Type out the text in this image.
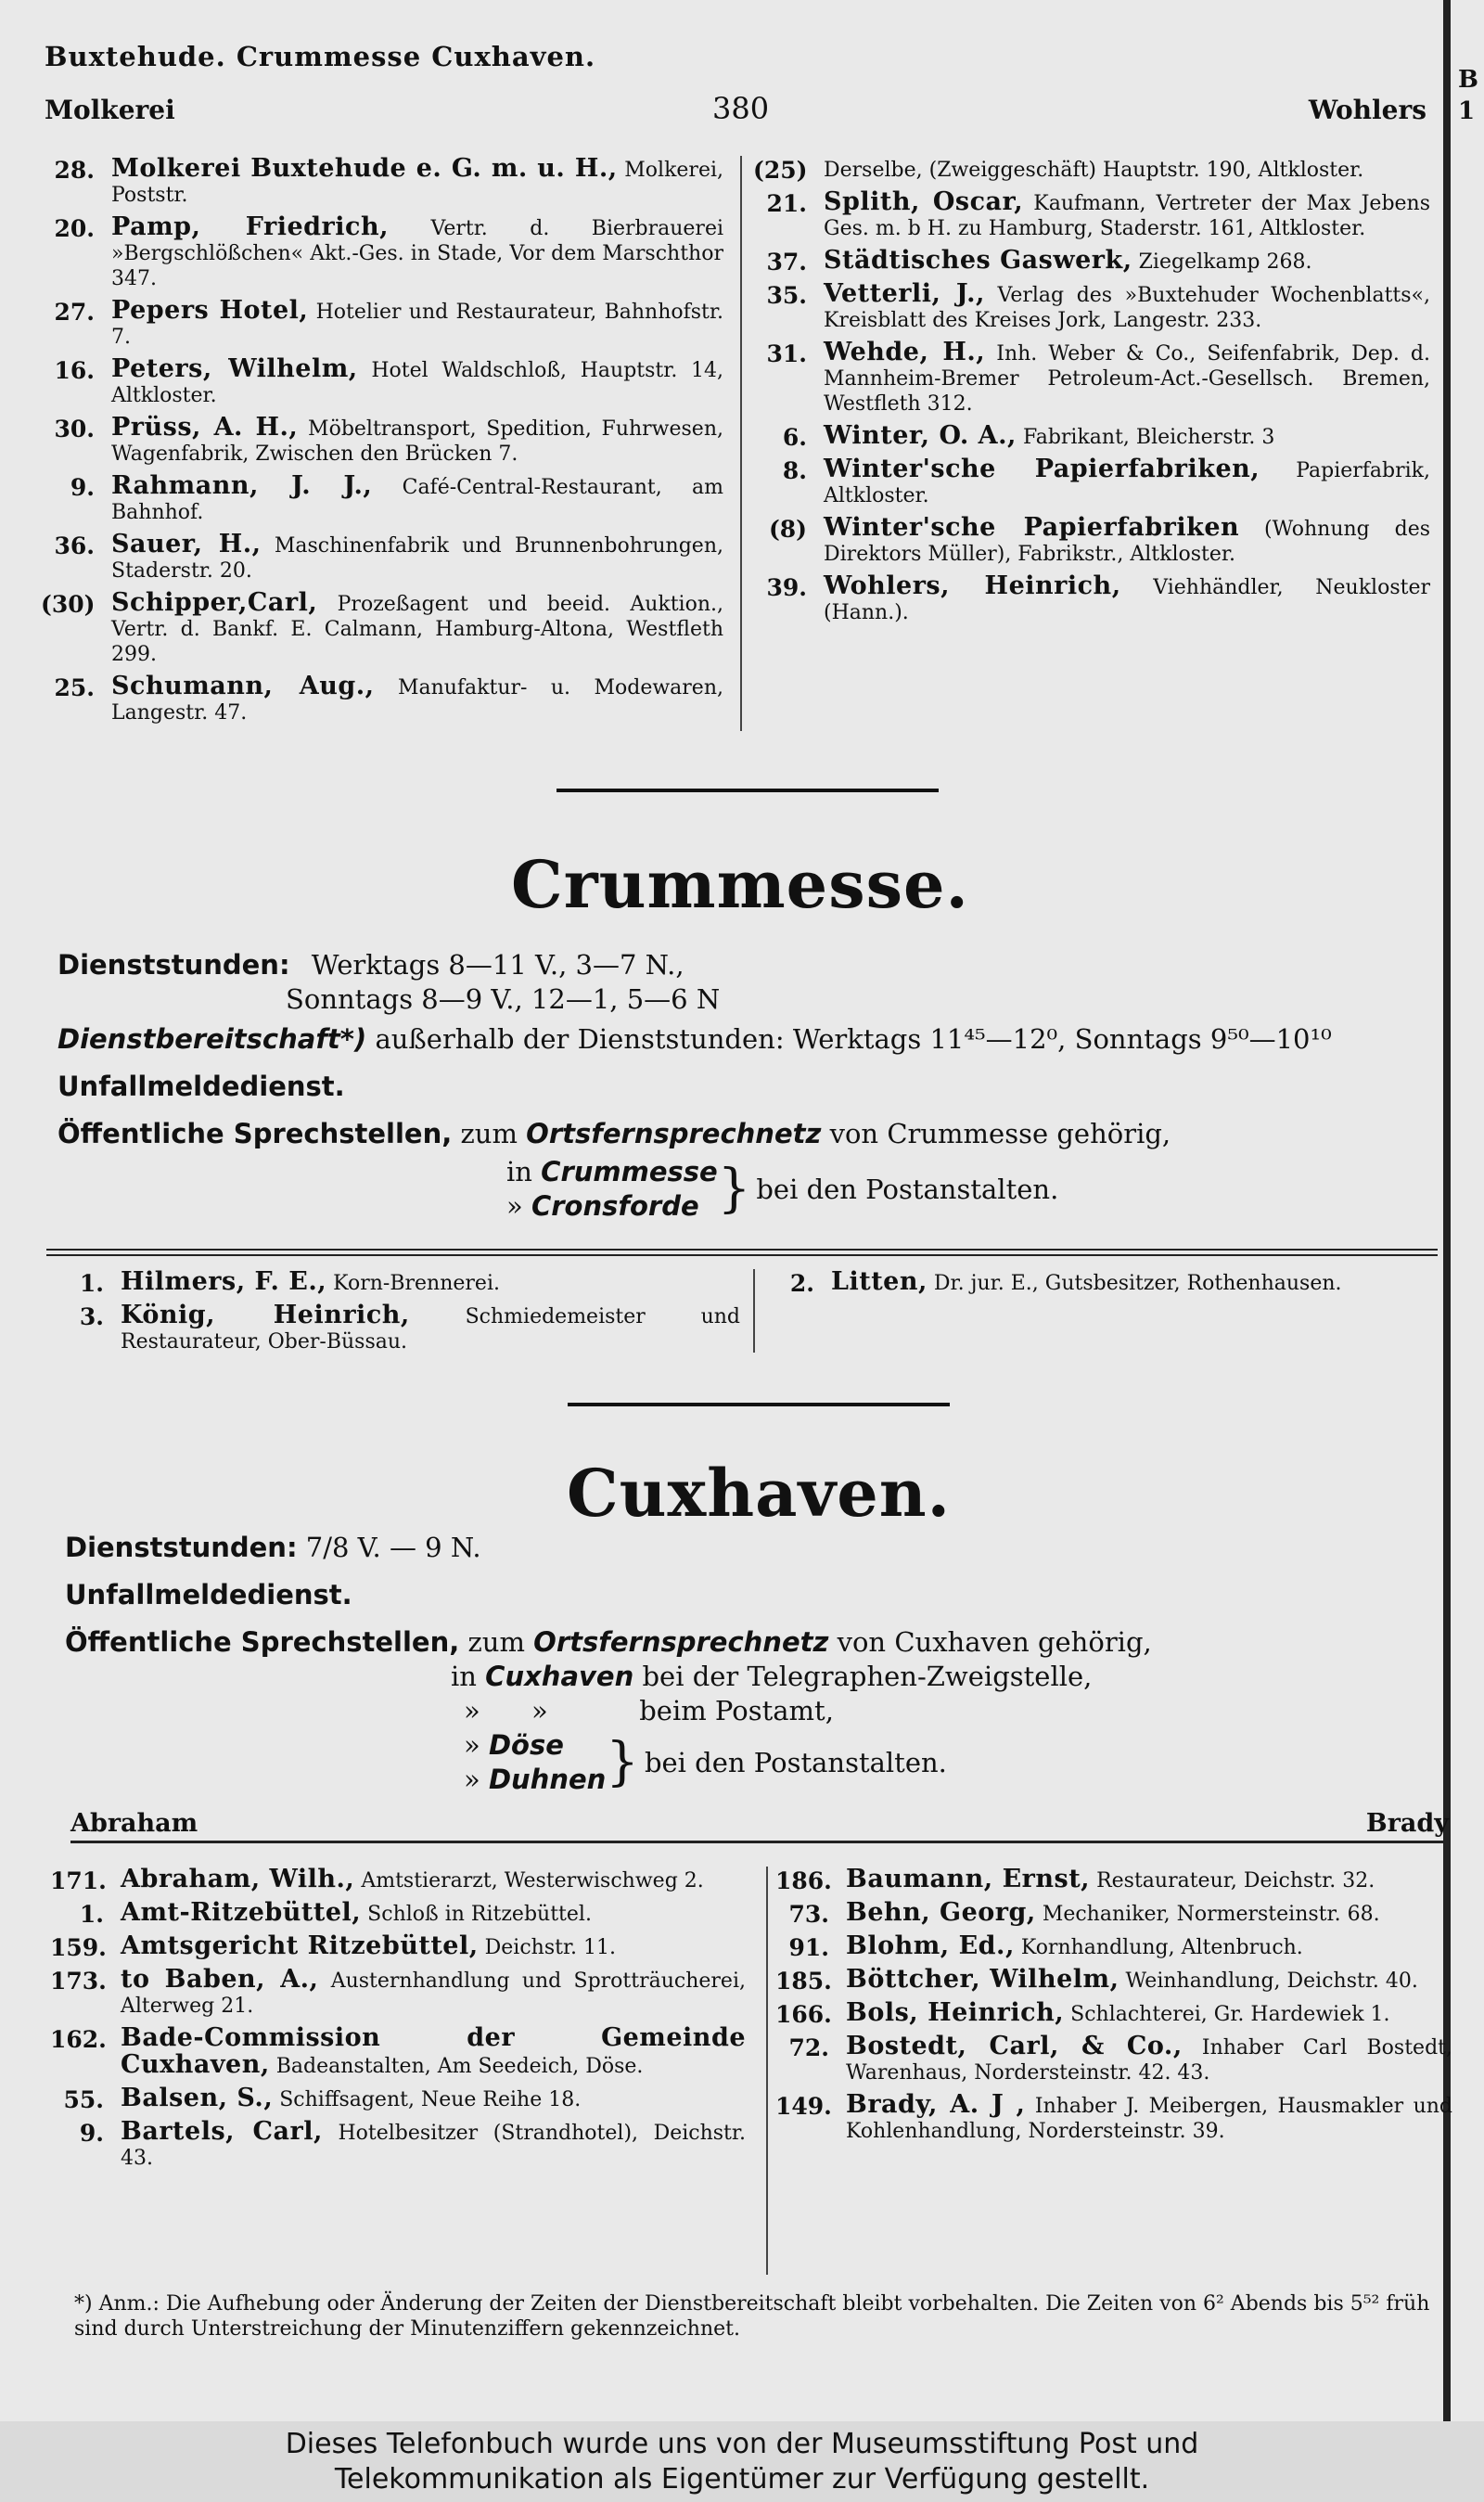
B
1
Buxtehude. Crummesse Cuxhaven.
Molkerei	380	Wohlers
28. Molkerei Buxtehude e. G. m. u. H., Molkerei, Poststr.
20. Pamp, Friedrich, Vertr. d. Bierbrauerei »Bergschlößchen« Akt.-Ges. in Stade, Vor dem Marschthor 347.
27. Pepers Hotel, Hotelier und Restaurateur, Bahnhofstr. 7.
16. Peters, Wilhelm, Hotel Waldschloß, Hauptstr. 14, Altkloster.
30. Prüss, A. H., Möbeltransport, Spedition, Fuhrwesen, Wagenfabrik, Zwischen den Brücken 7.
9. Rahmann, J. J., Café-Central-Restaurant, am Bahnhof.
36. Sauer, H., Maschinenfabrik und Brunnenbohrungen, Staderstr. 20.
(30) Schipper,Carl, Prozeßagent und beeid. Auktion., Vertr. d. Bankf. E. Calmann, Hamburg-Altona, Westfleth 299.
25. Schumann, Aug., Manufaktur- u. Modewaren, Langestr. 47.
(25) Derselbe, (Zweiggeschäft) Hauptstr. 190, Altkloster.
21. Splith, Oscar, Kaufmann, Vertreter der Max Jebens Ges. m. b H. zu Hamburg, Staderstr. 161, Altkloster.
37. Städtisches Gaswerk, Ziegelkamp 268.
35. Vetterli, J., Verlag des »Buxtehuder Wochenblatts«, Kreisblatt des Kreises Jork, Langestr. 233.
31. Wehde, H., Inh. Weber & Co., Seifenfabrik, Dep. d. Mannheim-Bremer Petroleum-Act.-Gesellsch. Bremen, Westfleth 312.
6. Winter, O. A., Fabrikant, Bleicherstr. 3
8. Winter'sche Papierfabriken, Papierfabrik, Altkloster.
(8) Winter'sche Papierfabriken (Wohnung des Direktors Müller), Fabrikstr., Altkloster.
39. Wohlers, Heinrich, Viehhändler, Neukloster (Hann.).
Crummesse.
Dienststunden: Werktags 8—11 V., 3—7 N.,
Sonntags 8—9 V., 12—1, 5—6 N
Dienstbereitschaft*) außerhalb der Dienststunden: Werktags 11⁴⁵—12⁰, Sonntags 9⁵⁰—10¹⁰
Unfallmeldedienst.
Öffentliche Sprechstellen, zum Ortsfernsprechnetz von Crummesse gehörig,
in Crummesse
» Cronsforde } bei den Postanstalten.
1. Hilmers, F. E., Korn-Brennerei.
3. König, Heinrich,	Schmiedemeister und Restaurateur, Ober-Büssau.
2. Litten, Dr. jur. E., Gutsbesitzer, Rothenhausen.
Cuxhaven.
Dienststunden: 7/8 V. — 9 N.
Unfallmeldedienst.
Öffentliche Sprechstellen, zum Ortsfernsprechnetz von Cuxhaven gehörig,
in Cuxhaven bei der Telegraphen-Zweigstelle,
»      »	beim Postamt,
» Döse
» Duhnen } bei den Postanstalten.
Abraham	Brady
171. Abraham, Wilh., Amtstierarzt, Westerwischweg 2.
1. Amt-Ritzebüttel, Schloß in Ritzebüttel.
159. Amtsgericht Ritzebüttel, Deichstr. 11.
173. to Baben, A., Austernhandlung und Sprotträucherei, Alterweg 21.
162. Bade-Commission der Gemeinde Cuxhaven, Badeanstalten, Am Seedeich, Döse.
55. Balsen, S., Schiffsagent, Neue Reihe 18.
9. Bartels, Carl, Hotelbesitzer (Strandhotel), Deichstr. 43.
186. Baumann, Ernst, Restaurateur, Deichstr. 32.
73. Behn, Georg, Mechaniker, Normersteinstr. 68.
91. Blohm, Ed., Kornhandlung, Altenbruch.
185. Böttcher, Wilhelm, Weinhandlung, Deichstr. 40.
166. Bols, Heinrich, Schlachterei, Gr. Hardewiek 1.
72. Bostedt, Carl, & Co., Inhaber Carl Bostedt, Warenhaus, Nordersteinstr. 42. 43.
149. Brady, A. J , Inhaber J. Meibergen, Hausmakler und Kohlenhandlung, Nordersteinstr. 39.
*) Anm.: Die Aufhebung oder Änderung der Zeiten der Dienstbereitschaft bleibt vorbehalten. Die Zeiten von 6² Abends bis 5⁵² früh sind durch Unterstreichung der Minutenziffern gekennzeichnet.
Dieses Telefonbuch wurde uns von der Museumsstiftung Post und
Telekommunikation als Eigentümer zur Verfügung gestellt.
